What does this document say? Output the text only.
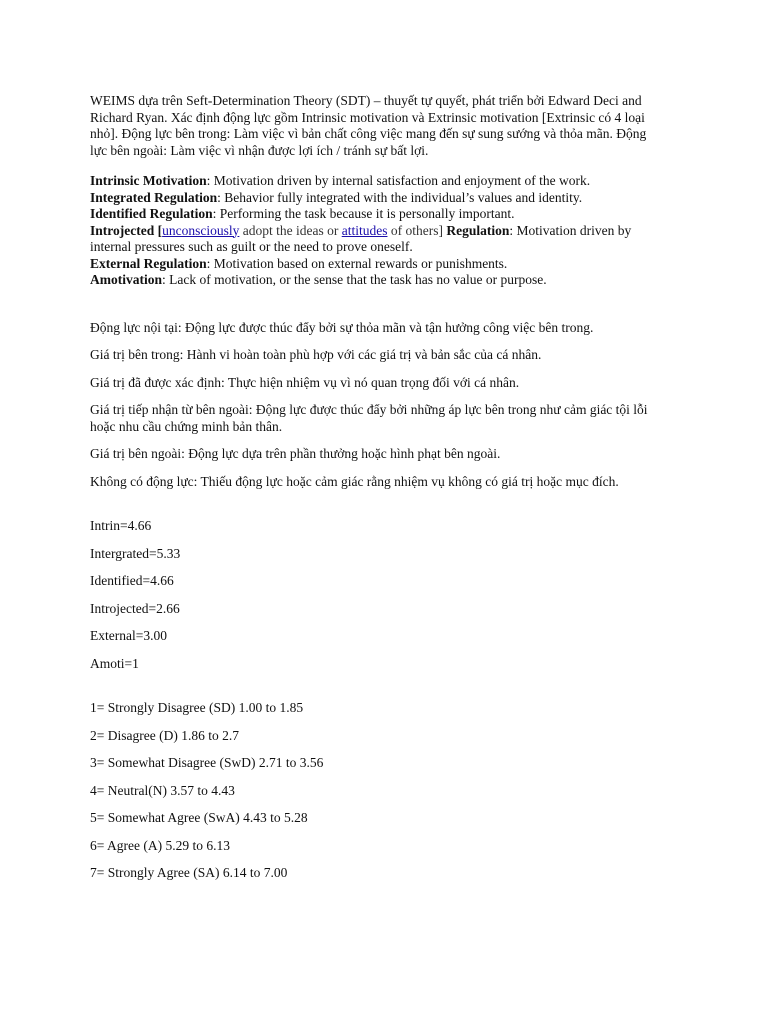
WEIMS dựa trên Seft-Determination Theory (SDT) – thuyết tự quyết, phát triển bởi Edward Deci and Richard Ryan. Xác định động lực gồm Intrinsic motivation và Extrinsic motivation [Extrinsic có 4 loại nhỏ]. Động lực bên trong: Làm việc vì bản chất công việc mang đến sự sung sướng và thỏa mãn. Động lực bên ngoài: Làm việc vì nhận được lợi ích / tránh sự bất lợi.

Intrinsic Motivation: Motivation driven by internal satisfaction and enjoyment of the work.

Integrated Regulation: Behavior fully integrated with the individual’s values and identity.

Identified Regulation: Performing the task because it is personally important.

Introjected [unconsciously adopt the ideas or attitudes of others] Regulation: Motivation driven by internal pressures such as guilt or the need to prove oneself.

External Regulation: Motivation based on external rewards or punishments.

Amotivation: Lack of motivation, or the sense that the task has no value or purpose.

Động lực nội tại: Động lực được thúc đẩy bởi sự thỏa mãn và tận hưởng công việc bên trong.

Giá trị bên trong: Hành vi hoàn toàn phù hợp với các giá trị và bản sắc của cá nhân.

Giá trị đã được xác định: Thực hiện nhiệm vụ vì nó quan trọng đối với cá nhân.

Giá trị tiếp nhận từ bên ngoài: Động lực được thúc đẩy bởi những áp lực bên trong như cảm giác tội lỗi hoặc nhu cầu chứng minh bản thân.

Giá trị bên ngoài: Động lực dựa trên phần thưởng hoặc hình phạt bên ngoài.

Không có động lực: Thiếu động lực hoặc cảm giác rằng nhiệm vụ không có giá trị hoặc mục đích.

Intrin=4.66

Intergrated=5.33

Identified=4.66

Introjected=2.66

External=3.00

Amoti=1

1= Strongly Disagree (SD) 1.00 to 1.85

2= Disagree (D) 1.86 to 2.7

3= Somewhat Disagree (SwD) 2.71 to 3.56

4= Neutral(N) 3.57 to 4.43

5= Somewhat Agree (SwA) 4.43 to 5.28

6= Agree (A) 5.29 to 6.13

7= Strongly Agree (SA) 6.14 to 7.00
